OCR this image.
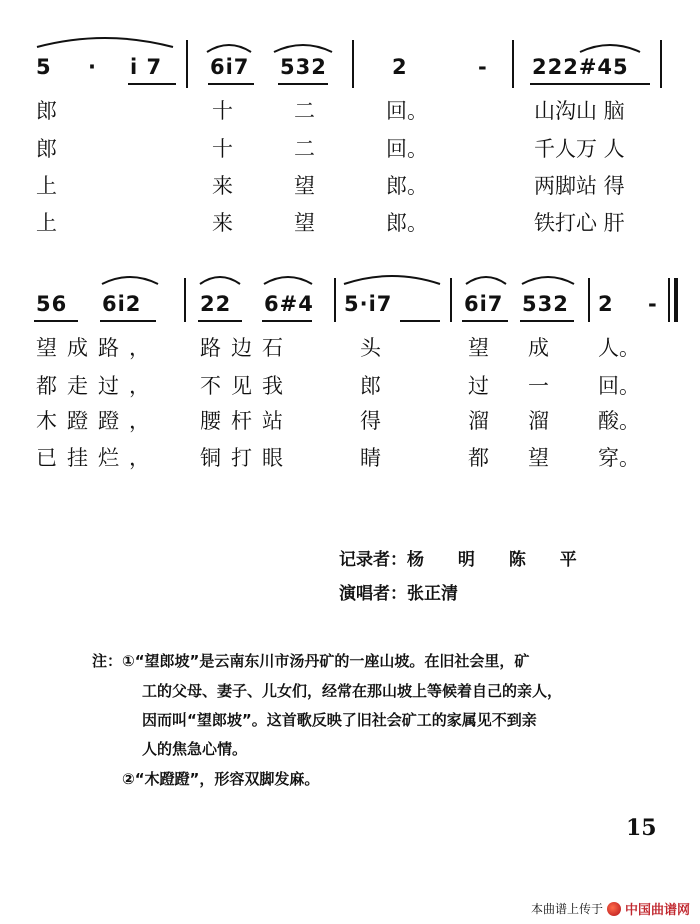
5 · i 7 6i7 532	2	- 222#45
郎	十	二	回。	山沟山 脑
郎	十	二	回。	千人万 人
上	来	望	郎。	两脚站 得
上	来	望	郎。	铁打心 肝
56 6i2	22 6#4 5·i7	6i7 532 2 -
望成路， 路边石	头	望 成 人。
都走过， 不见我	郎	过 一 回。
木蹬蹬， 腰杆站	得	溜 溜 酸。
已挂烂， 铜打眼	睛	都 望 穿。
记录者：杨 明 陈 平
演唱者：张正清
注： ①“望郎坡”是云南东川市汤丹矿的一座山坡。在旧社会里，矿
工的父母、妻子、儿女们，经常在那山坡上等候着自己的亲人，
因而叫“望郎坡”。这首歌反映了旧社会矿工的家属见不到亲
人的焦急心情。
②“木蹬蹬”，形容双脚发麻。
15
本曲谱上传于 中国曲谱网
